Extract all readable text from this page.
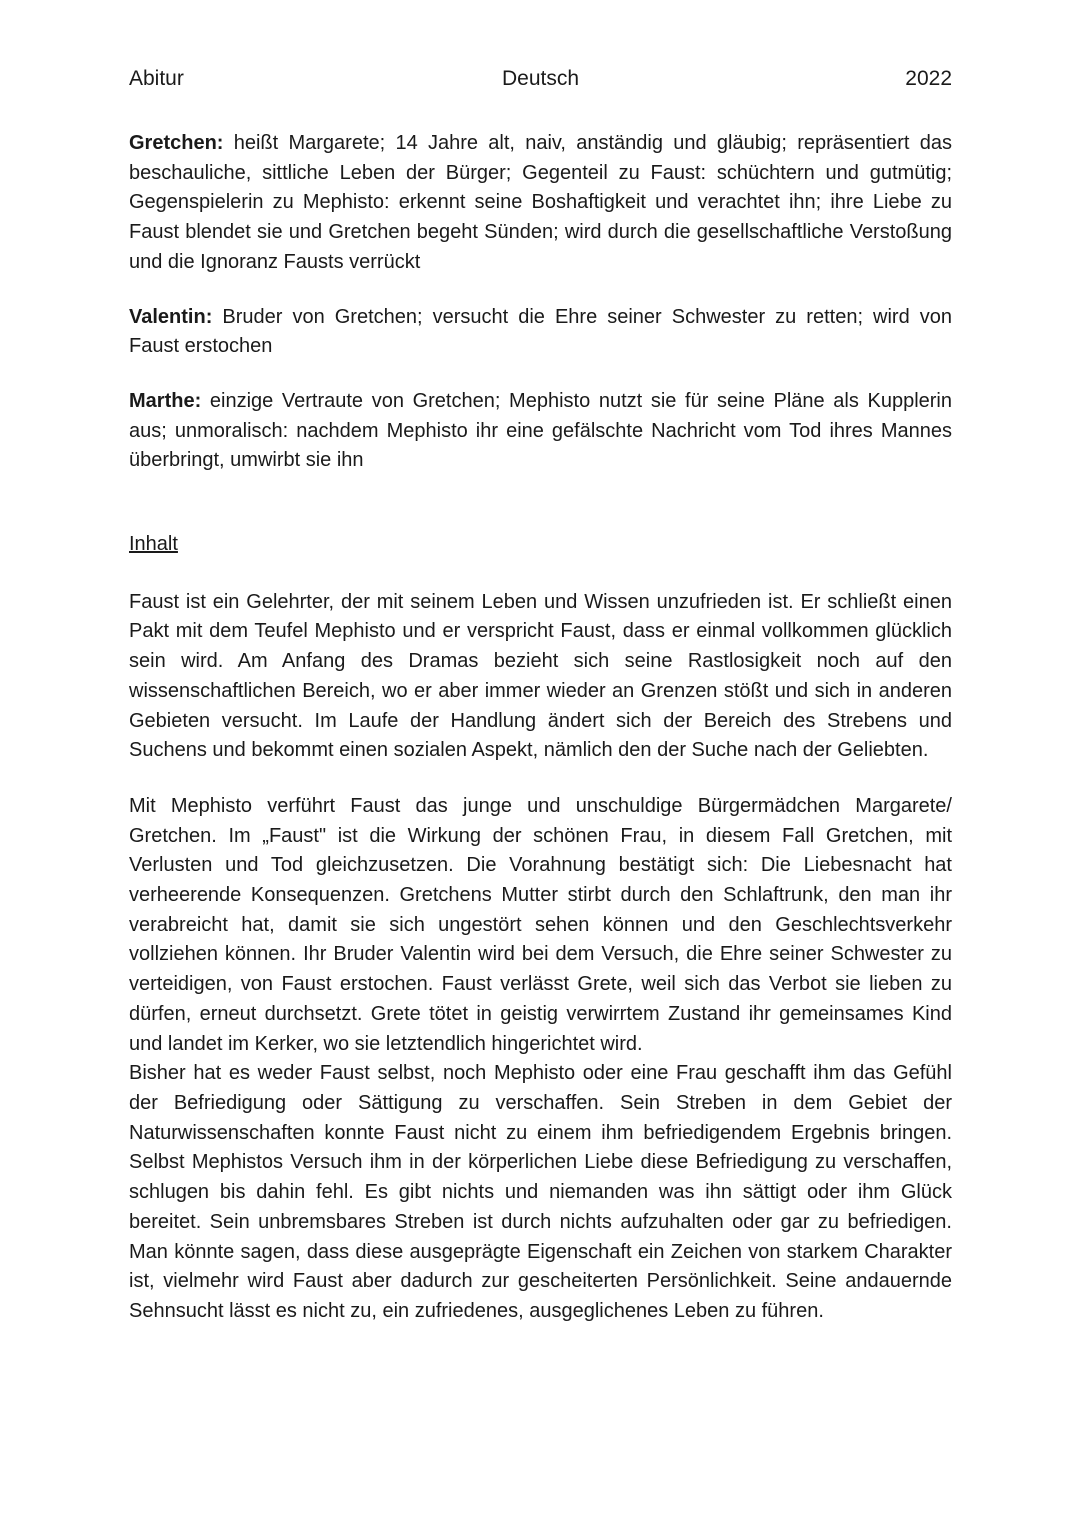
Abitur	Deutsch	2022

Gretchen: heißt Margarete; 14 Jahre alt, naiv, anständig und gläubig; repräsentiert das beschauliche, sittliche Leben der Bürger; Gegenteil zu Faust: schüchtern und gutmütig; Gegenspielerin zu Mephisto: erkennt seine Boshaftigkeit und verachtet ihn; ihre Liebe zu Faust blendet sie und Gretchen begeht Sünden; wird durch die gesellschaftliche Verstoßung und die Ignoranz Fausts verrückt

Valentin: Bruder von Gretchen; versucht die Ehre seiner Schwester zu retten; wird von Faust erstochen

Marthe: einzige Vertraute von Gretchen; Mephisto nutzt sie für seine Pläne als Kupplerin aus; unmoralisch: nachdem Mephisto ihr eine gefälschte Nachricht vom Tod ihres Mannes überbringt, umwirbt sie ihn

Inhalt

Faust ist ein Gelehrter, der mit seinem Leben und Wissen unzufrieden ist. Er schließt einen Pakt mit dem Teufel Mephisto und er verspricht Faust, dass er einmal vollkommen glücklich sein wird. Am Anfang des Dramas bezieht sich seine Rastlosigkeit noch auf den wissenschaftlichen Bereich, wo er aber immer wieder an Grenzen stößt und sich in anderen Gebieten versucht. Im Laufe der Handlung ändert sich der Bereich des Strebens und Suchens und bekommt einen sozialen Aspekt, nämlich den der Suche nach der Geliebten.

Mit Mephisto verführt Faust das junge und unschuldige Bürgermädchen Margarete/ Gretchen. Im „Faust" ist die Wirkung der schönen Frau, in diesem Fall Gretchen, mit Verlusten und Tod gleichzusetzen. Die Vorahnung bestätigt sich: Die Liebesnacht hat verheerende Konsequenzen. Gretchens Mutter stirbt durch den Schlaftrunk, den man ihr verabreicht hat, damit sie sich ungestört sehen können und den Geschlechtsverkehr vollziehen können. Ihr Bruder Valentin wird bei dem Versuch, die Ehre seiner Schwester zu verteidigen, von Faust erstochen. Faust verlässt Grete, weil sich das Verbot sie lieben zu dürfen, erneut durchsetzt. Grete tötet in geistig verwirrtem Zustand ihr gemeinsames Kind und landet im Kerker, wo sie letztendlich hingerichtet wird.

Bisher hat es weder Faust selbst, noch Mephisto oder eine Frau geschafft ihm das Gefühl der Befriedigung oder Sättigung zu verschaffen. Sein Streben in dem Gebiet der Naturwissenschaften konnte Faust nicht zu einem ihm befriedigendem Ergebnis bringen. Selbst Mephistos Versuch ihm in der körperlichen Liebe diese Befriedigung zu verschaffen, schlugen bis dahin fehl. Es gibt nichts und niemanden was ihn sättigt oder ihm Glück bereitet. Sein unbremsbares Streben ist durch nichts aufzuhalten oder gar zu befriedigen. Man könnte sagen, dass diese ausgeprägte Eigenschaft ein Zeichen von starkem Charakter ist, vielmehr wird Faust aber dadurch zur gescheiterten Persönlichkeit. Seine andauernde Sehnsucht lässt es nicht zu, ein zufriedenes, ausgeglichenes Leben zu führen.
